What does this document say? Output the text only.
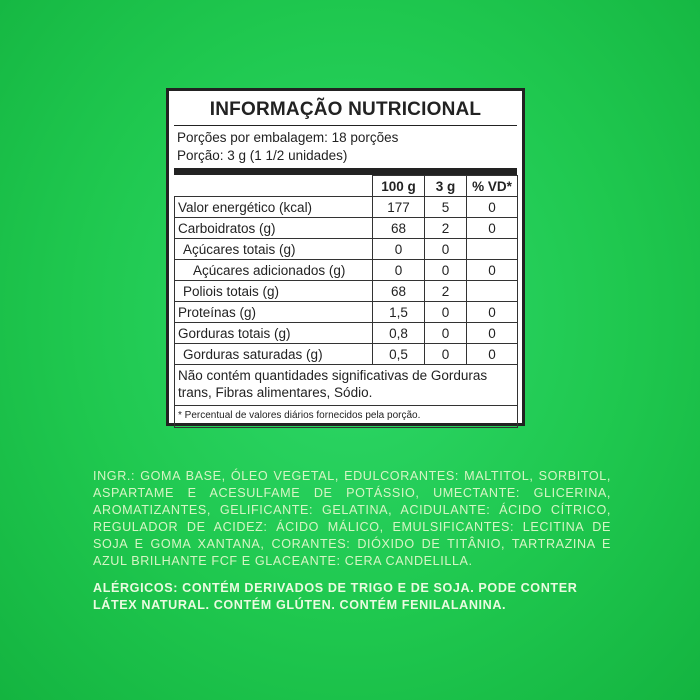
INFORMAÇÃO NUTRICIONAL
Porções por embalagem: 18 porções
Porção: 3 g (1 1/2 unidades)
	100 g	3 g	% VD*
Valor energético (kcal)	177	5	0
Carboidratos (g)	68	2	0
Açúcares totais (g)	0	0	
Açúcares adicionados (g)	0	0	0
Poliois totais (g)	68	2	
Proteínas (g)	1,5	0	0
Gorduras totais (g)	0,8	0	0
Gorduras saturadas (g)	0,5	0	0
Não contém quantidades significativas de Gorduras trans, Fibras alimentares, Sódio.			
* Percentual de valores diários fornecidos pela porção.			
INGR.: GOMA BASE, ÓLEO VEGETAL, EDULCORANTES: MALTITOL, SORBITOL, ASPARTAME E ACESULFAME DE POTÁSSIO, UMECTANTE: GLICERINA, AROMATIZANTES, GELIFICANTE: GELATINA, ACIDULANTE: ÁCIDO CÍTRICO, REGULADOR DE ACIDEZ: ÁCIDO MÁLICO, EMULSIFICANTES: LECITINA DE SOJA E GOMA XANTANA, CORANTES: DIÓXIDO DE TITÂNIO, TARTRAZINA E AZUL BRILHANTE FCF E GLACEANTE: CERA CANDELILLA.
ALÉRGICOS: CONTÉM DERIVADOS DE TRIGO E DE SOJA. PODE CONTER LÁTEX NATURAL. CONTÉM GLÚTEN. CONTÉM FENILALANINA.
